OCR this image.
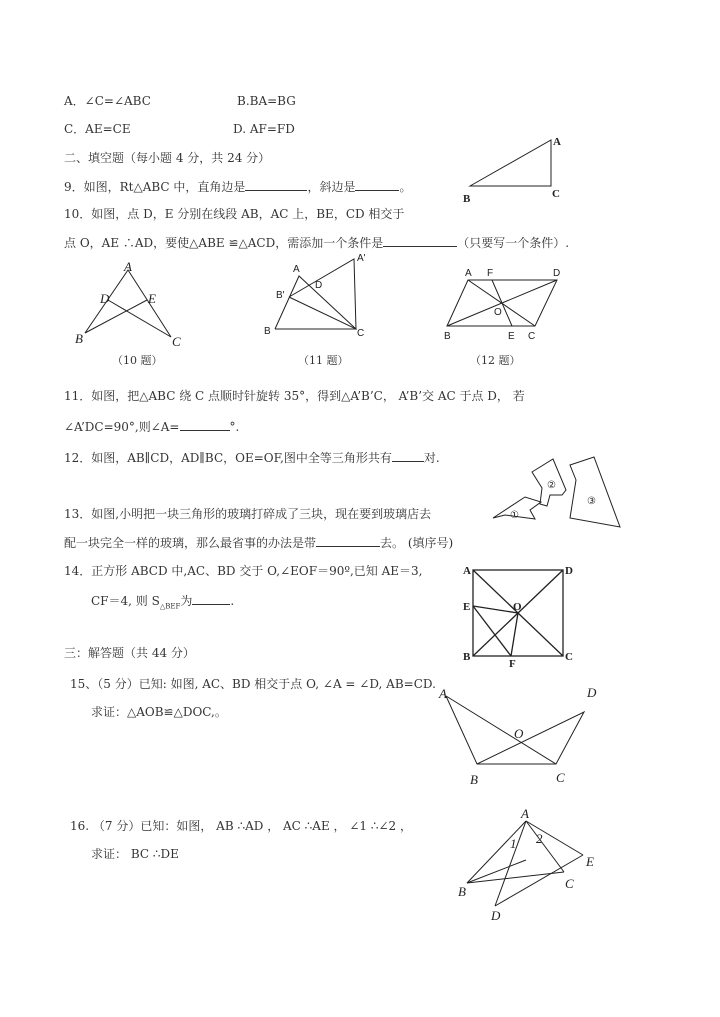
A．∠C=∠ABC	B.BA=BG
C．AE=CE	D. AF=FD
二、填空题（每小题 4 分，共 24 分）
9．如图，Rt△ABC 中，直角边是	，斜边是	。
10．如图，点 D，E 分别在线段 AB，AC 上，BE，CD 相交于
点 O，AE ∴AD，要使△ABE ≌△ACD，需添加一个条件是	（只要写一个条件）.
（10 题）	（11 题）	（12 题）
11．如图，把△ABC 绕 C 点顺时针旋转 35°，得到△A’B’C， A’B’交 AC 于点 D， 若
∠A’DC=90°,则∠A=	°.
12．如图，AB∥CD，AD∥BC，OE=OF,图中全等三角形共有	对.
13．如图,小明把一块三角形的玻璃打碎成了三块，现在要到玻璃店去
配一块完全一样的玻璃，那么最省事的办法是带	去。 (填序号)
14．正方形 ABCD 中,AC、BD 交于 O,∠EOF＝90º,已知 AE＝3,
CF＝4, 则 $S_{\triangle BEF}$为	.
三：解答题（共 44 分）
15、（5 分）已知: 如图, AC、BD 相交于点 O, ∠A = ∠D, AB=CD.
求证：△AOB≌△DOC,。
16. （7 分）已知：如图， AB ∴AD ， AC ∴AE ， ∠1 ∴∠2 ，
求证： BC ∴DE
A
C
B
A
D	E
B	C
A
A'
D
B'
B	C
A F	D
O
B	E C
①
②
③
A	D
E	O
B	C
F
A	D
O
B	C
A
1 2
E
C
B
D
